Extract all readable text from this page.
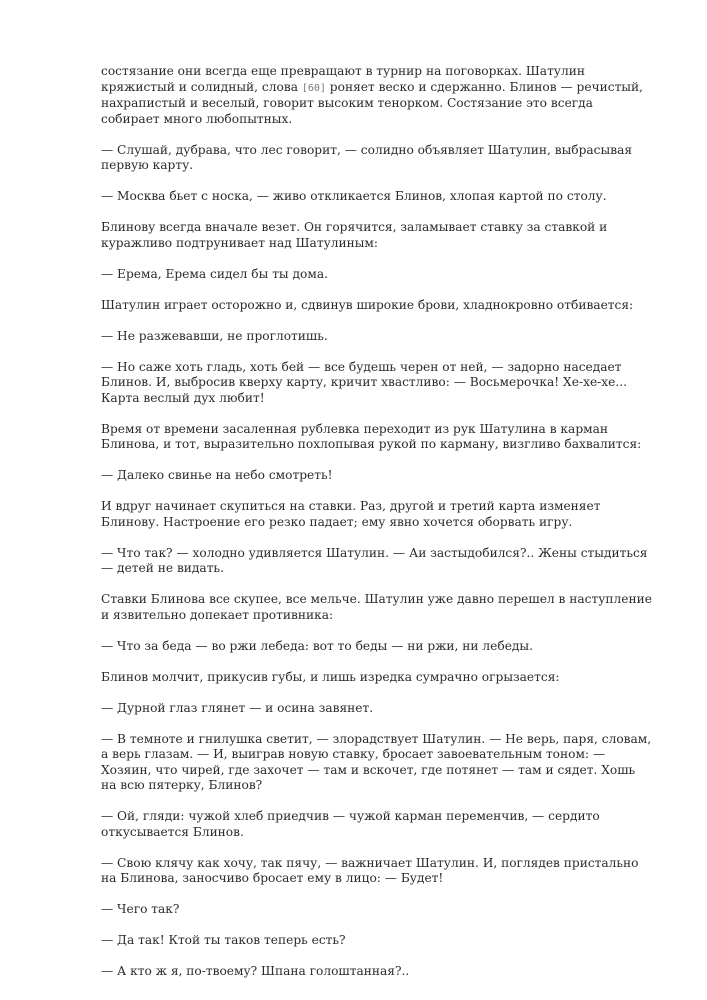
состязание они всегда еще превращают в турнир на поговорках. Шатулин кряжистый и солидный, слова [60] роняет веско и сдержанно. Блинов — речистый, нахрапистый и веселый, говорит высоким тенорком. Состязание это всегда собирает много любопытных.

— Слушай, дубрава, что лес говорит, — солидно объявляет Шатулин, выбрасывая первую карту.

— Москва бьет с носка, — живо откликается Блинов, хлопая картой по столу.

Блинову всегда вначале везет. Он горячится, заламывает ставку за ставкой и куражливо подтрунивает над Шатулиным:

— Ерема, Ерема сидел бы ты дома.

Шатулин играет осторожно и, сдвинув широкие брови, хладнокровно отбивается:

— Не разжевавши, не проглотишь.

— Но саже хоть гладь, хоть бей — все будешь черен от ней, — задорно наседает Блинов. И, выбросив кверху карту, кричит хвастливо: — Восьмерочка! Хе-хе-хе... Карта веслый дух любит!

Время от времени засаленная рублевка переходит из рук Шатулина в карман Блинова, и тот, выразительно похлопывая рукой по карману, визгливо бахвалится:

— Далеко свинье на небо смотреть!

И вдруг начинает скупиться на ставки. Раз, другой и третий карта изменяет Блинову. Настроение его резко падает; ему явно хочется оборвать игру.

— Что так? — холодно удивляется Шатулин. — Аи застыдобился?.. Жены стыдиться — детей не видать.

Ставки Блинова все скупее, все мельче. Шатулин уже давно перешел в наступление и язвительно допекает противника:

— Что за беда — во ржи лебеда: вот то беды — ни ржи, ни лебеды.

Блинов молчит, прикусив губы, и лишь изредка сумрачно огрызается:

— Дурной глаз глянет — и осина завянет.

— В темноте и гнилушка светит, — злорадствует Шатулин. — Не верь, паря, словам, а верь глазам. — И, выиграв новую ставку, бросает завоевательным тоном: — Хозяин, что чирей, где захочет — там и вскочет, где потянет — там и сядет. Хошь на всю пятерку, Блинов?

— Ой, гляди: чужой хлеб приедчив — чужой карман переменчив, — сердито откусывается Блинов.

— Свою клячу как хочу, так пячу, — важничает Шатулин. И, поглядев пристально на Блинова, заносчиво бросает ему в лицо: — Будет!

— Чего так?

— Да так! Ктой ты таков теперь есть?

— А кто ж я, по-твоему? Шпана голоштанная?..
